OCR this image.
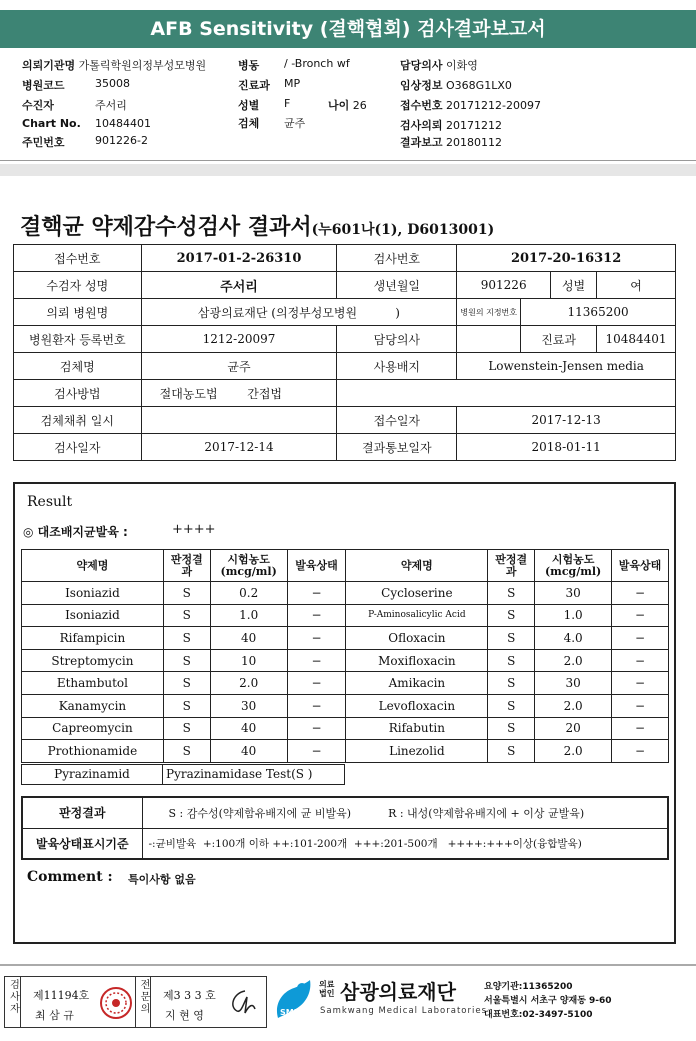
AFB Sensitivity (결핵협회) 검사결과보고서
의뢰기관명 가톨릭학원의정부성모병원	병동 / -Bronch wf	담당의사 이화영
병원코드	35008	진료과 MP	임상정보 O368G1LX0
수진자	주서리	성별 F	나이 26	접수번호 20171212-20097
Chart No. 10484401	검체 균주	검사의뢰 20171212
주민번호	901226-2	결과보고 20180112
결핵균 약제감수성검사 결과서(누601나(1), D6013001)
접수번호	2017-01-2-26310	검사번호	2017-20-16312			
수검자 성명	주서리	생년월일	901226		성별	여
의뢰 병원명	삼광의료재단 (의정부성모병원          )		병원의 지정번호	11365200		
병원환자 등록번호	1212-20097	담당의사		진료과		10484401
검체명	균주	사용배지	Lowenstein-Jensen media			
검사방법	절대농도법 간접법					
검체채취 일시		접수일자	2017-12-13			
검사일자	2017-12-14	결과통보일자	2018-01-11			
Result
◎ 대조배지균발육 :	++++
약제명	판정결과	시험농도(mcg/ml)	발육상태	약제명	판정결과	시험농도(mcg/ml)	발육상태
Isoniazid	S	0.2	−	Cycloserine	S	30	−
Isoniazid	S	1.0	−	P-Aminosalicylic Acid	S	1.0	−
Rifampicin	S	40	−	Ofloxacin	S	4.0	−
Streptomycin	S	10	−	Moxifloxacin	S	2.0	−
Ethambutol	S	2.0	−	Amikacin	S	30	−
Kanamycin	S	30	−	Levofloxacin	S	2.0	−
Capreomycin	S	40	−	Rifabutin	S	20	−
Prothionamide	S	40	−	Linezolid	S	2.0	−
Pyrazinamid	Pyrazinamidase Test(S )
판정결과	S : 감수성(약제함유배지에 균 비발육) R : 내성(약제함유배지에 + 이상 균발육)
발육상태표시기준	-:균비발육  +:100개 이하 ++:101-200개  +++:201-500개   ++++:+++이상(융합발육)
Comment : 특이사항 없음
검사자 제11194호
최 삼 규
전문의 제3 3 3 호
지 현 영	SML
의료법인 삼광의료재단
Samkwang Medical Laboratories
요양기관:11365200
서울특별시 서초구 양재동 9-60
대표번호:02-3497-5100
